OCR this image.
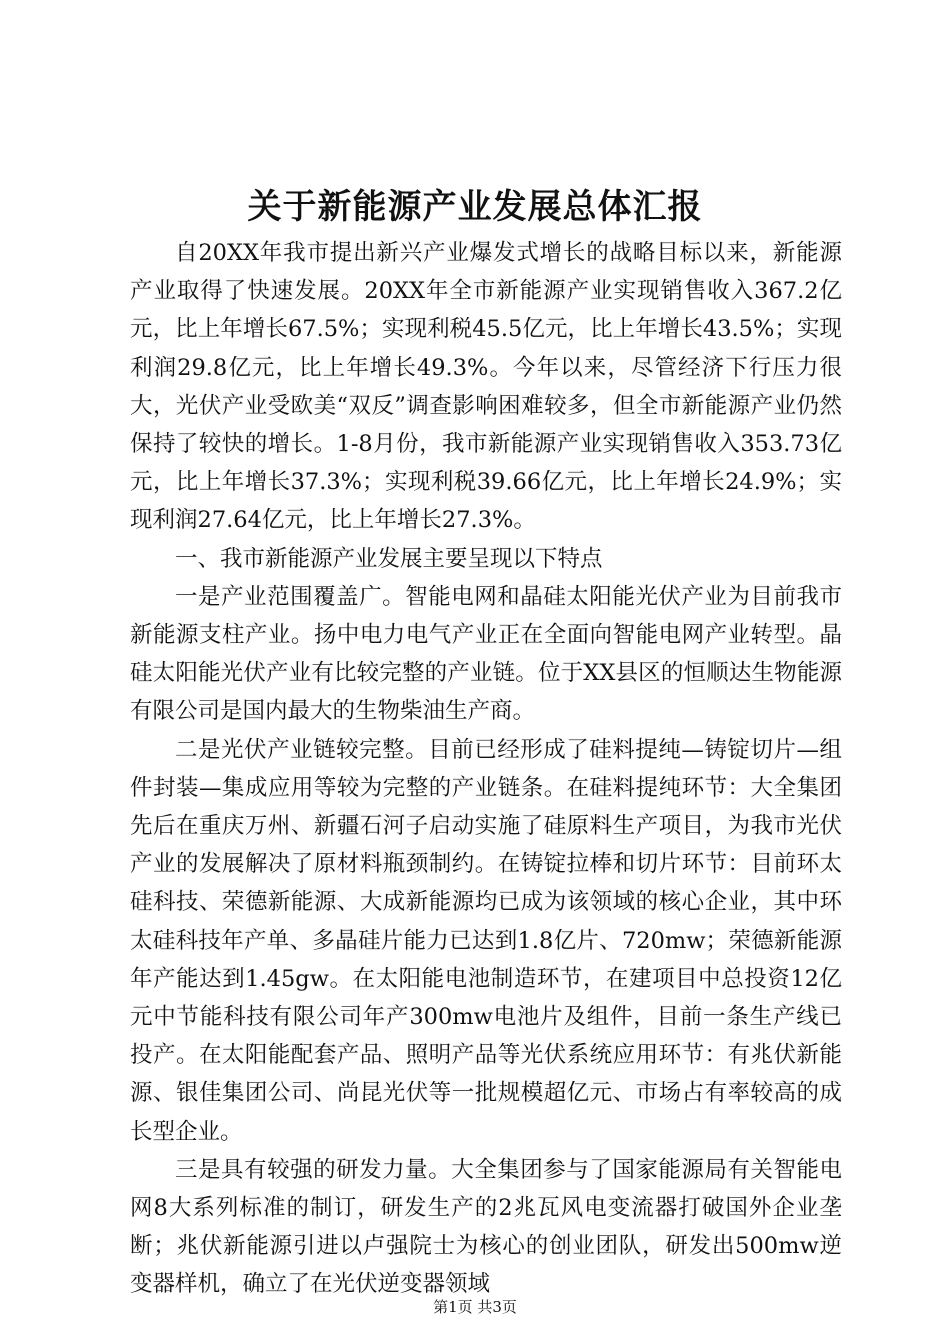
关于新能源产业发展总体汇报

自20XX年我市提出新兴产业爆发式增长的战略目标以来，新能源产业取得了快速发展。20XX年全市新能源产业实现销售收入367.2亿元，比上年增长67.5%；实现利税45.5亿元，比上年增长43.5%；实现利润29.8亿元，比上年增长49.3%。今年以来，尽管经济下行压力很大，光伏产业受欧美“双反”调查影响困难较多，但全市新能源产业仍然保持了较快的增长。1-8月份，我市新能源产业实现销售收入353.73亿元，比上年增长37.3%；实现利税39.66亿元，比上年增长24.9%；实现利润27.64亿元，比上年增长27.3%。

一、我市新能源产业发展主要呈现以下特点

一是产业范围覆盖广。智能电网和晶硅太阳能光伏产业为目前我市新能源支柱产业。扬中电力电气产业正在全面向智能电网产业转型。晶硅太阳能光伏产业有比较完整的产业链。位于XX县区的恒顺达生物能源有限公司是国内最大的生物柴油生产商。

二是光伏产业链较完整。目前已经形成了硅料提纯—铸锭切片—组件封装—集成应用等较为完整的产业链条。在硅料提纯环节：大全集团先后在重庆万州、新疆石河子启动实施了硅原料生产项目，为我市光伏产业的发展解决了原材料瓶颈制约。在铸锭拉棒和切片环节：目前环太硅科技、荣德新能源、大成新能源均已成为该领域的核心企业，其中环太硅科技年产单、多晶硅片能力已达到1.8亿片、720mw；荣德新能源年产能达到1.45gw。在太阳能电池制造环节，在建项目中总投资12亿元中节能科技有限公司年产300mw电池片及组件，目前一条生产线已投产。在太阳能配套产品、照明产品等光伏系统应用环节：有兆伏新能源、银佳集团公司、尚昆光伏等一批规模超亿元、市场占有率较高的成长型企业。

三是具有较强的研发力量。大全集团参与了国家能源局有关智能电网8大系列标准的制订，研发生产的2兆瓦风电变流器打破国外企业垄断；兆伏新能源引进以卢强院士为核心的创业团队，研发出500mw逆变器样机，确立了在光伏逆变器领域

第1页 共3页
